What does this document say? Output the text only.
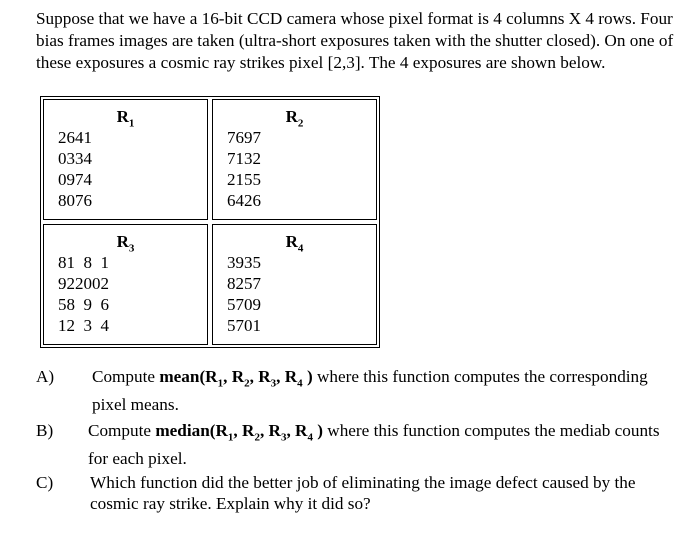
Suppose that we have a 16-bit CCD camera whose pixel format is 4 columns X 4 rows. Four bias frames images are taken (ultra-short exposures taken with the shutter closed). On one of these exposures a cosmic ray strikes pixel [2,3]. The 4 exposures are shown below.
$R_1$
2	6	4	1
0	3	3	4
0	9	7	4
8	0	7	6
$R_2$
7	6	9	7
7	1	3	2
2	1	5	5
6	4	2	6
$R_3$
8	1	8	1
9	2	200	2
5	8	9	6
1	2	3	4
$R_4$
3	9	3	5
8	2	5	7
5	7	0	9
5	7	0	1
A) Compute $mean(R_1$, $R_2$, $R_3$, $R_4$ ) where this function computes the corresponding pixel means.
B) Compute $median(R_1$, $R_2$, $R_3$, $R_4$ ) where this function computes the mediab counts for each pixel.
C) Which function did the better job of eliminating the image defect caused by the cosmic ray strike. Explain why it did so?
